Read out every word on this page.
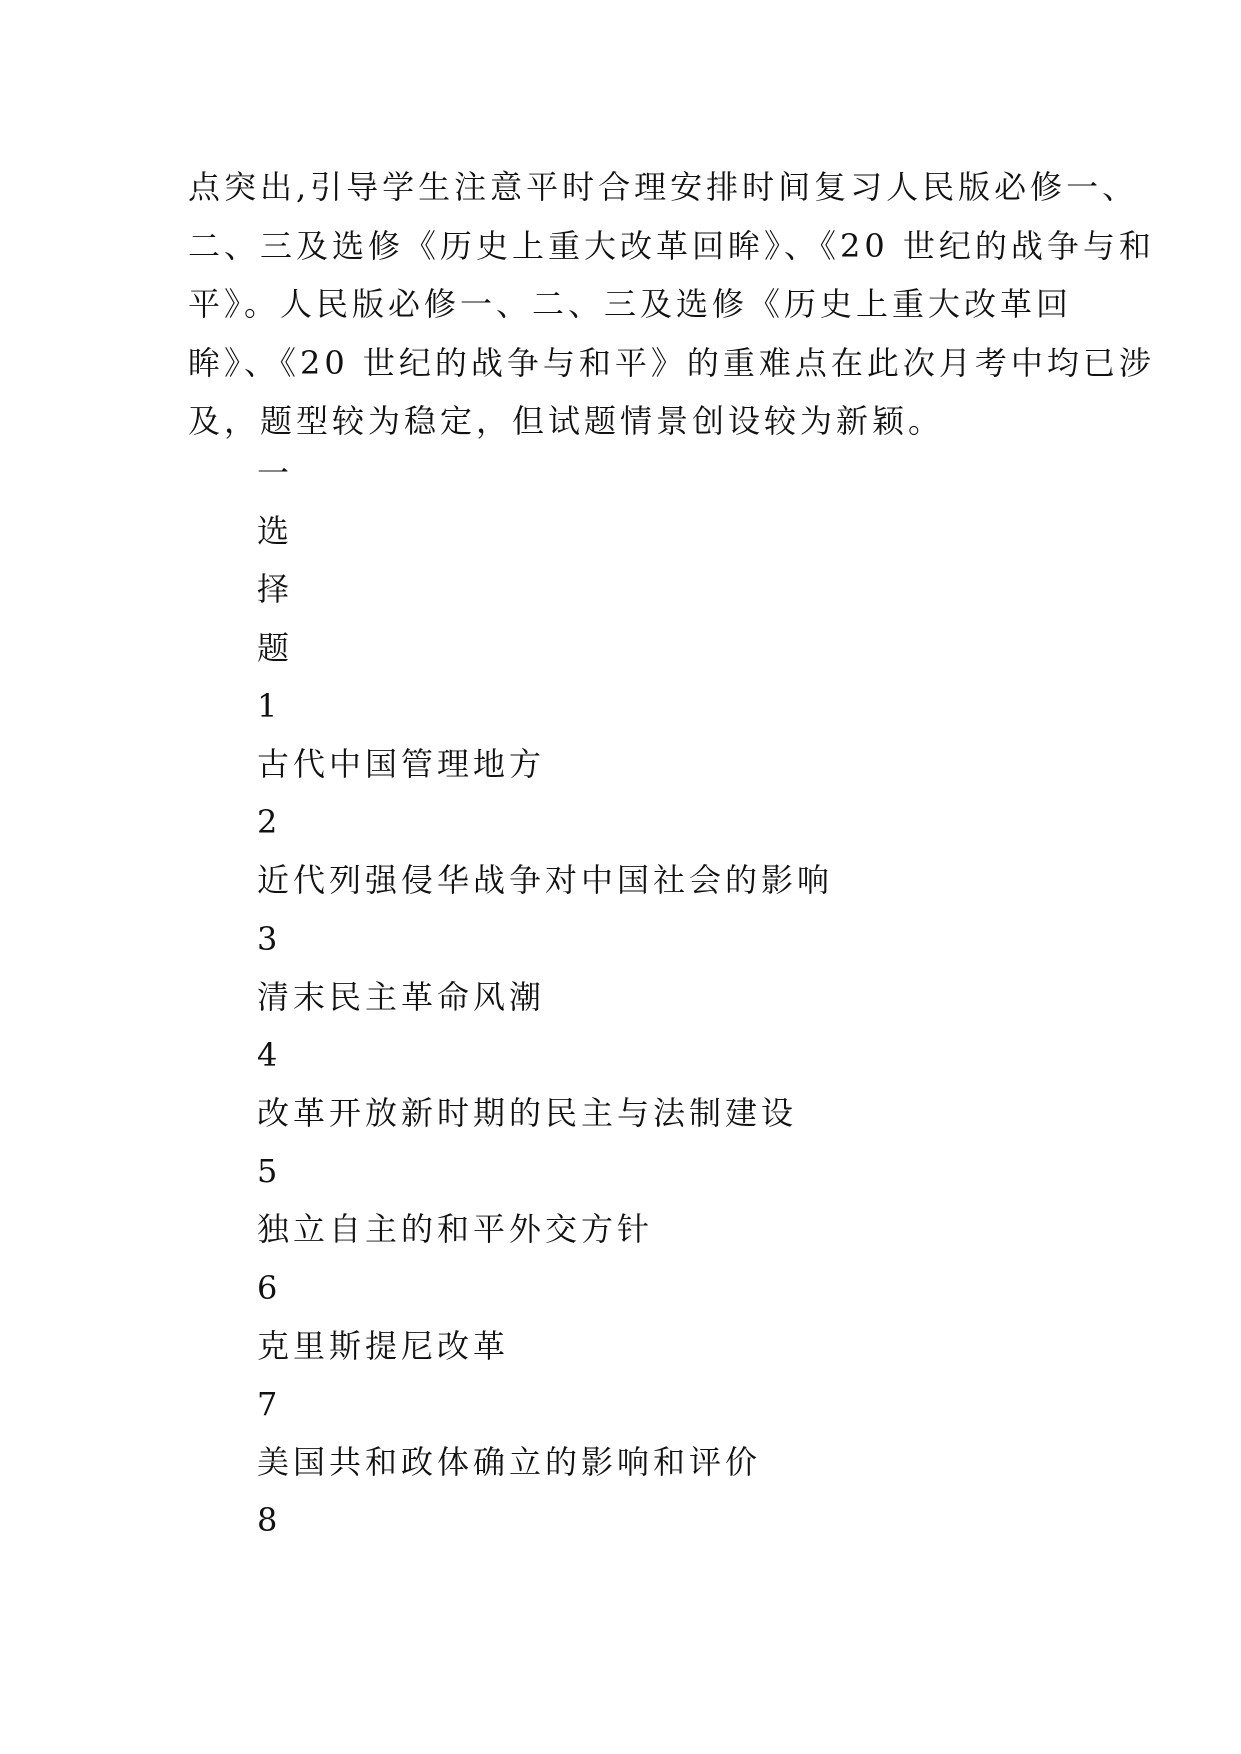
点突出,引导学生注意平时合理安排时间复习人民版必修一、
二、三及选修《历史上重大改革回眸》、《20 世纪的战争与和
平》。人民版必修一、二、三及选修《历史上重大改革回
眸》、《20 世纪的战争与和平》的重难点在此次月考中均已涉
及，题型较为稳定，但试题情景创设较为新颖。
一
选
择
题
1
古代中国管理地方
2
近代列强侵华战争对中国社会的影响
3
清末民主革命风潮
4
改革开放新时期的民主与法制建设
5
独立自主的和平外交方针
6
克里斯提尼改革
7
美国共和政体确立的影响和评价
8
